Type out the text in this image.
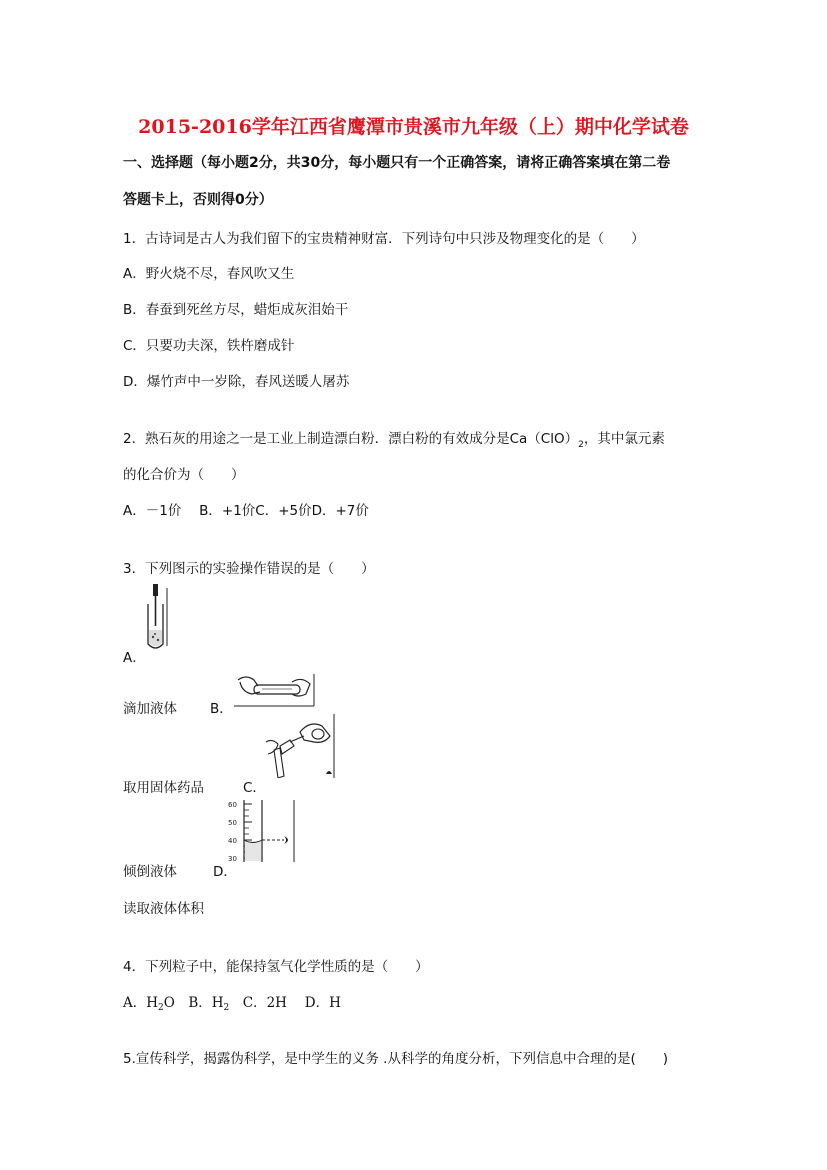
2015-2016学年江西省鹰潭市贵溪市九年级（上）期中化学试卷
一、选择题（每小题2分，共30分，每小题只有一个正确答案，请将正确答案填在第二卷
答题卡上，否则得0分）
1．古诗词是古人为我们留下的宝贵精神财富．下列诗句中只涉及物理变化的是（　　）
A．野火烧不尽，春风吹又生
B．春蚕到死丝方尽，蜡炬成灰泪始干
C．只要功夫深，铁杵磨成针
D．爆竹声中一岁除，春风送暖人屠苏
2．熟石灰的用途之一是工业上制造漂白粉．漂白粉的有效成分是$Ca(ClO)_2$，其中氯元素
的化合价为（　　）
A．－1价　 B．+1价C．+5价D．+7价
3．下列图示的实验操作错误的是（　　）
A．
滴加液体 B．
取用固体药品	C．
60
50
40
30
倾倒液体	D．
读取液体体积
4．下列粒子中，能保持氢气化学性质的是（　　）
A．$H_2O$　B．$H_2$　C．2H　 D．H
5.宣传科学，揭露伪科学，是中学生的义务 .从科学的角度分析，下列信息中合理的是(　　)
